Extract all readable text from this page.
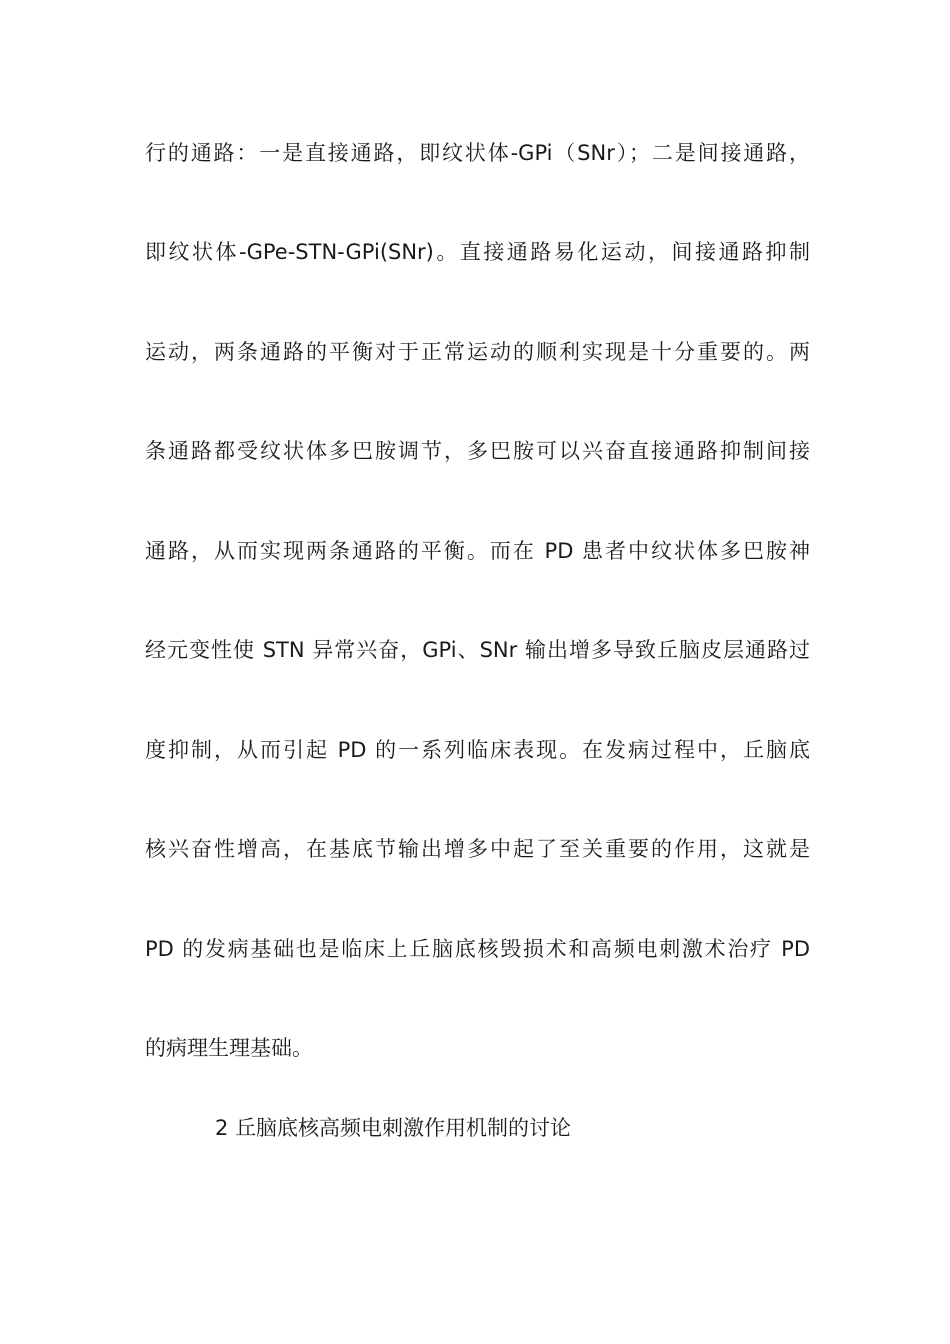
行的通路：一是直接通路，即纹状体-GPi（SNr）；二是间接通路，
即纹状体-GPe-STN-GPi(SNr)。直接通路易化运动，间接通路抑制
运动，两条通路的平衡对于正常运动的顺利实现是十分重要的。两
条通路都受纹状体多巴胺调节，多巴胺可以兴奋直接通路抑制间接
通路，从而实现两条通路的平衡。而在 PD 患者中纹状体多巴胺神
经元变性使 STN 异常兴奋，GPi、SNr 输出增多导致丘脑皮层通路过
度抑制，从而引起 PD 的一系列临床表现。在发病过程中，丘脑底
核兴奋性增高，在基底节输出增多中起了至关重要的作用，这就是
PD 的发病基础也是临床上丘脑底核毁损术和高频电刺激术治疗 PD
的病理生理基础。
2 丘脑底核高频电刺激作用机制的讨论
